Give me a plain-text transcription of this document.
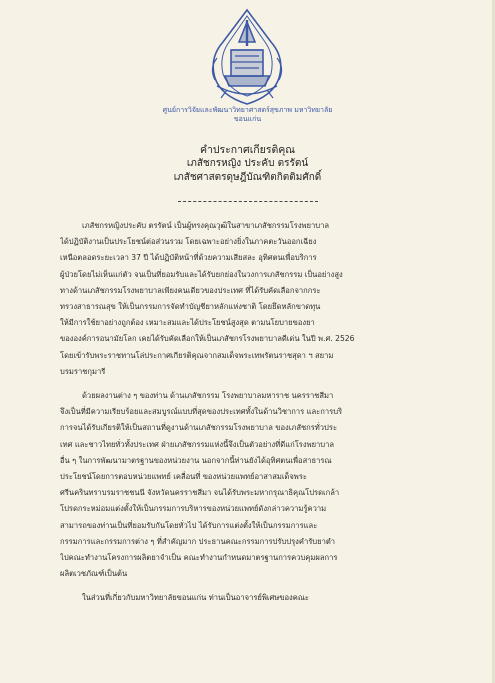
ศูนย์การวิจัยและพัฒนาวิทยาศาสตร์สุขภาพ มหาวิทยาลัยขอนแก่น
คำประกาศเกียรติคุณ
เภสัชกรหญิง ประคับ ตรรัตน์
เภสัชศาสตรดุษฎีบัณฑิตกิตติมศักดิ์
เภสัชกรหญิงประคับ ตรรัตน์ เป็นผู้ทรงคุณวุฒิในสาขาเภสัชกรรมโรงพยาบาล
ได้ปฏิบัติงานเป็นประโยชน์ต่อส่วนรวม โดยเฉพาะอย่างยิ่งในภาคตะวันออกเฉียง
เหนือตลอดระยะเวลา 37 ปี ได้ปฏิบัติหน้าที่ด้วยความเสียสละ อุทิศตนเพื่อบริการ
ผู้ป่วยโดยไม่เห็นแก่ตัว จนเป็นที่ยอมรับและได้รับยกย่องในวงการเภสัชกรรม เป็นอย่างสูง
ทางด้านเภสัชกรรมโรงพยาบาลเพียงคนเดียวของประเทศ ที่ได้รับคัดเลือกจากกระ
ทรวงสาธารณสุข ให้เป็นกรรมการจัดทำบัญชียาหลักแห่งชาติ โดยยึดหลักขาดทุน
ให้มีการใช้ยาอย่างถูกต้อง เหมาะสมและได้ประโยชน์สูงสุด ตามนโยบายของยา
ขององค์การอนามัยโลก เคยได้รับคัดเลือกให้เป็นเภสัชกรโรงพยาบาลดีเด่น ในปี พ.ศ. 2526
โดยเข้ารับพระราชทานโล่ประกาศเกียรติคุณจากสมเด็จพระเทพรัตนราชสุดา ฯ สยาม
บรมราชกุมารี
ด้วยผลงานต่าง ๆ ของท่าน ด้านเภสัชกรรม โรงพยาบาลมหาราช นครราชสีมา
จึงเป็นที่มีความเรียบร้อยและสมบูรณ์แบบที่สุดของประเทศทั้งในด้านวิชาการ และการบริ
การจนได้รับเกียรติให้เป็นสถานที่ดูงานด้านเภสัชกรรมโรงพยาบาล ของเภสัชกรทั่วประ
เทศ และชาวไทยทั่วทั้งประเทศ ฝ่ายเภสัชกรรมแห่งนี้จึงเป็นตัวอย่างที่ดีแก่โรงพยาบาล
อื่น ๆ ในการพัฒนามาตรฐานของหน่วยงาน นอกจากนี้ท่านยังได้อุทิศตนเพื่อสาธารณ
ประโยชน์โดยการตอบหน่วยแพทย์ เคลื่อนที่ ของหน่วยแพทย์อาสาสมเด็จพระ
ศรีนครินทราบรมราชชนนี จังหวัดนครราชสีมา จนได้รับพระมหากรุณาธิคุณโปรดเกล้า
โปรดกระหม่อมแต่งตั้งให้เป็นกรรมการบริหารของหน่วยแพทย์ดังกล่าวความรู้ความ
สามารถของท่านเป็นที่ยอมรับกันโดยทั่วไป ได้รับการแต่งตั้งให้เป็นกรรมการและ
กรรมการและกรรมการต่าง ๆ ที่สำคัญมาก ประธานคณะกรรมการปรับปรุงคำรับยาตำ
ไปคณะทำงานโครงการผลิตยาจำเป็น คณะทำงานกำหนดมาตรฐานการควบคุมผลการ
ผลิตเวชภัณฑ์เป็นต้น
ในส่วนที่เกี่ยวกับมหาวิทยาลัยขอนแก่น ท่านเป็นอาจารย์พิเศษของคณะ
